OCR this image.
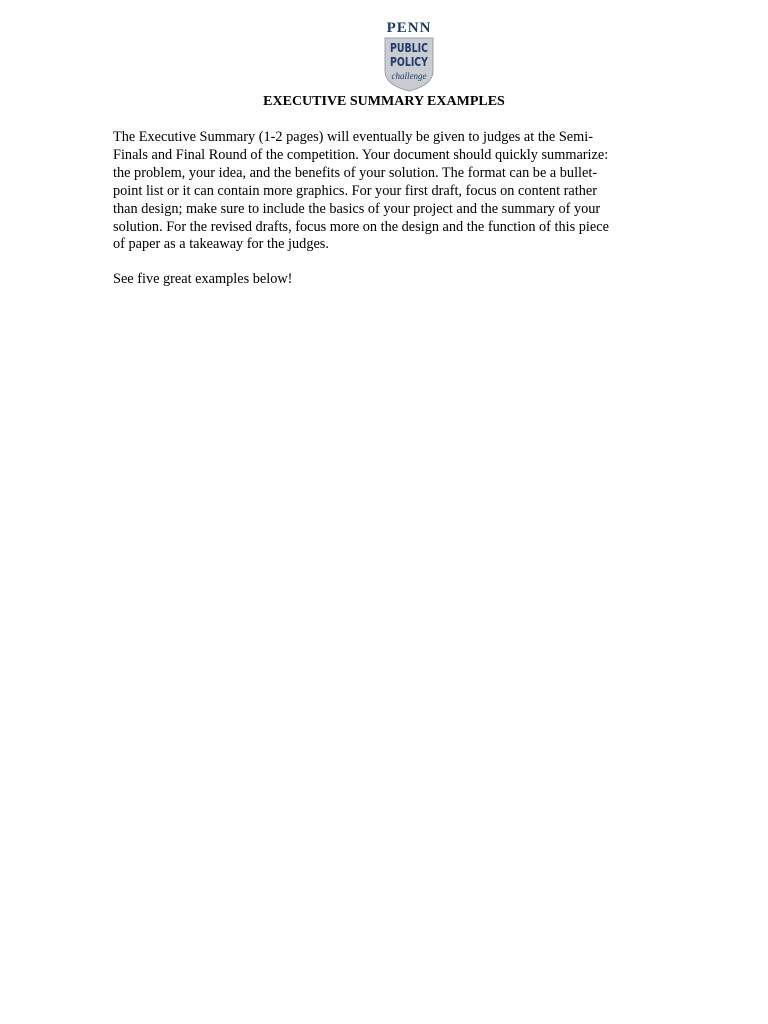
PENN
PUBLIC
POLICY
challenge
EXECUTIVE SUMMARY EXAMPLES
The Executive Summary (1-2 pages) will eventually be given to judges at the Semi-
Finals and Final Round of the competition. Your document should quickly summarize:
the problem, your idea, and the benefits of your solution. The format can be a bullet-
point list or it can contain more graphics. For your first draft, focus on content rather
than design; make sure to include the basics of your project and the summary of your
solution. For the revised drafts, focus more on the design and the function of this piece
of paper as a takeaway for the judges.
See five great examples below!
